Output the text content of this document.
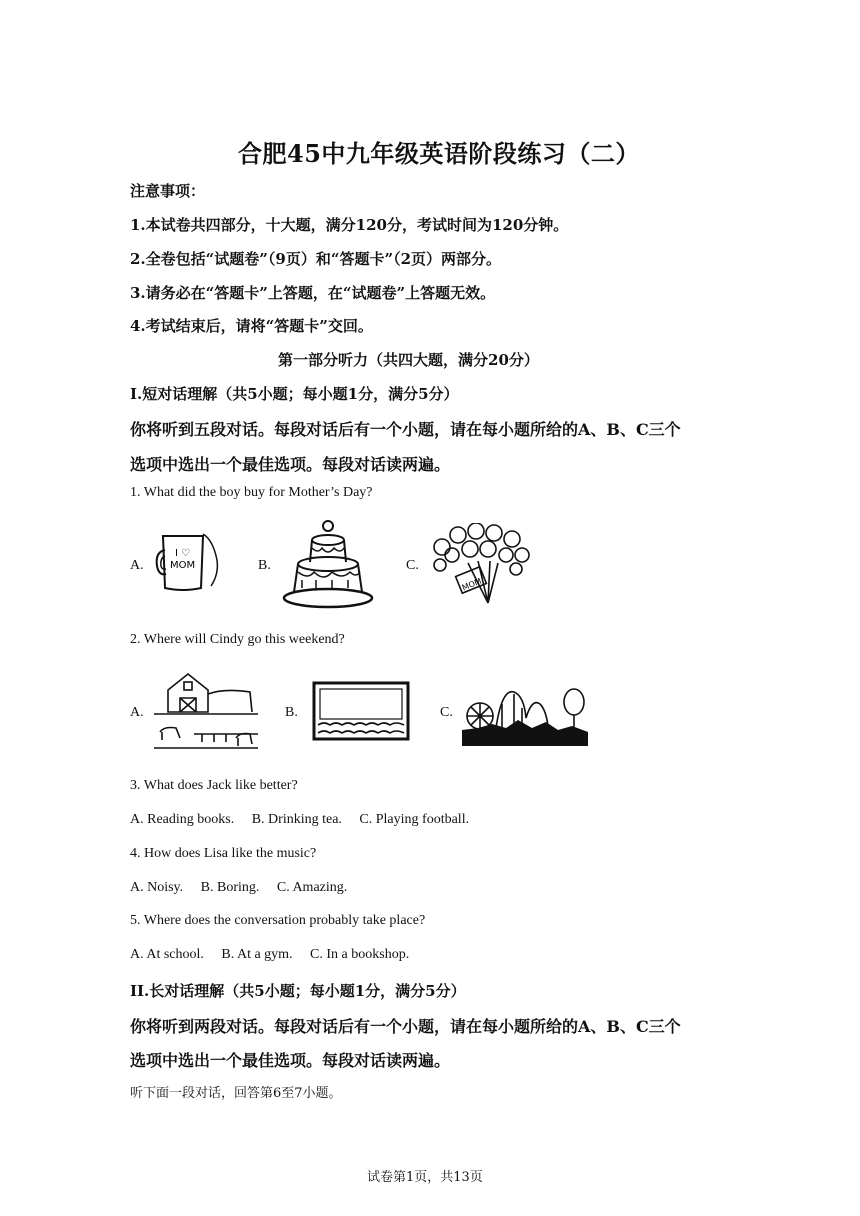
合肥45中九年级英语阶段练习（二）
注意事项：
1.本试卷共四部分，十大题，满分120分，考试时间为120分钟。
2.全卷包括“试题卷”（9页）和“答题卡”（2页）两部分。
3.请务必在“答题卡”上答题，在“试题卷”上答题无效。
4.考试结束后，请将“答题卡”交回。
第一部分听力（共四大题，满分20分）
I.短对话理解（共5小题；每小题1分，满分5分）
你将听到五段对话。每段对话后有一个小题，请在每小题所给的A、B、C三个
选项中选出一个最佳选项。每段对话读两遍。
1. What did the boy buy for Mother’s Day?
A.
I ♡
MOM	B.	C.
MOM
2. Where will Cindy go this weekend?
A.	B.	C.
3. What does Jack like better?
A. Reading books.     B. Drinking tea.     C. Playing football.
4. How does Lisa like the music?
A. Noisy.     B. Boring.     C. Amazing.
5. Where does the conversation probably take place?
A. At school.     B. At a gym.     C. In a bookshop.
II.长对话理解（共5小题；每小题1分，满分5分）
你将听到两段对话。每段对话后有一个小题，请在每小题所给的A、B、C三个
选项中选出一个最佳选项。每段对话读两遍。
听下面一段对话，回答第6至7小题。
试卷第1页，共13页
